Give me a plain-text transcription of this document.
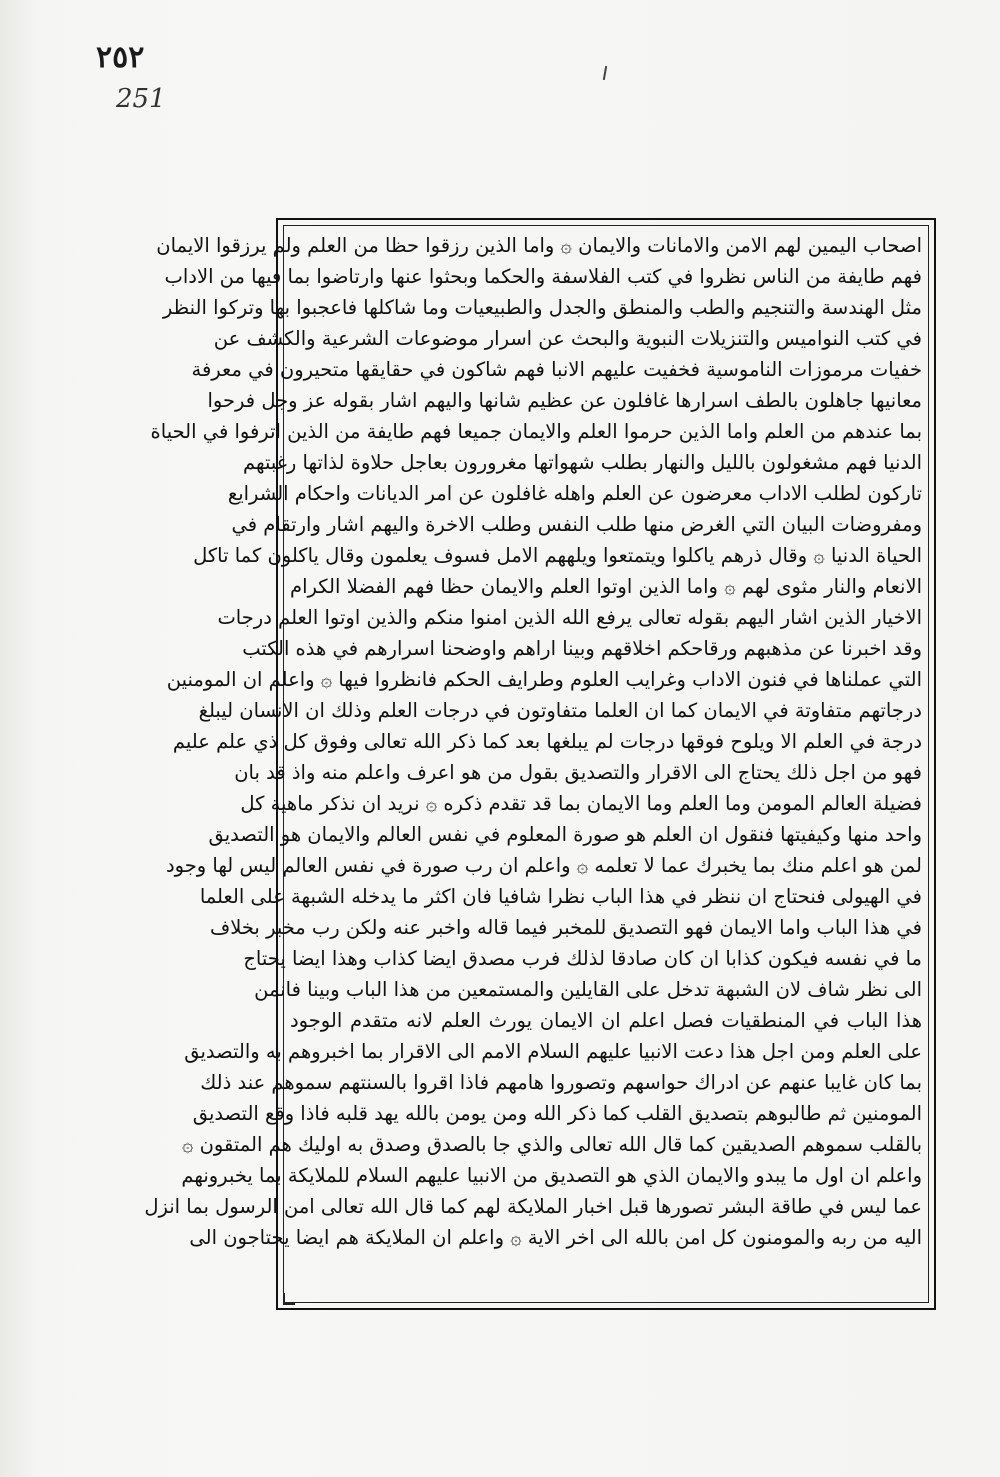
٢٥٢
251
اصحاب اليمين لهم الامن والامانات والايمان ۞ واما الذين رزقوا حظا من العلم ولم يرزقوا الايمان
فهم طايفة من الناس نظروا في كتب الفلاسفة والحكما وبحثوا عنها وارتاضوا بما فيها من الاداب
مثل الهندسة والتنجيم والطب والمنطق والجدل والطبيعيات وما شاكلها فاعجبوا بها وتركوا النظر
في كتب النواميس والتنزيلات النبوية والبحث عن اسرار موضوعات الشرعية والكشف عن
خفيات مرموزات الناموسية فخفيت عليهم الانبا فهم شاكون في حقايقها متحيرون في معرفة
معانيها جاهلون بالطف اسرارها غافلون عن عظيم شانها واليهم اشار بقوله عز وجل فرحوا
بما عندهم من العلم واما الذين حرموا العلم والايمان جميعا فهم طايفة من الذين اترفوا في الحياة
الدنيا فهم مشغولون بالليل والنهار بطلب شهواتها مغرورون بعاجل حلاوة لذاتها رغبتهم
تاركون لطلب الاداب معرضون عن العلم واهله غافلون عن امر الديانات واحكام الشرايع
ومفروضات البيان التي الغرض منها طلب النفس وطلب الاخرة واليهم اشار وارتقام في
الحياة الدنيا ۞ وقال ذرهم ياكلوا ويتمتعوا ويلههم الامل فسوف يعلمون وقال ياكلون كما تاكل
الانعام والنار مثوى لهم ۞ واما الذين اوتوا العلم والايمان حظا فهم الفضلا الكرام
الاخيار الذين اشار اليهم بقوله تعالى يرفع الله الذين امنوا منكم والذين اوتوا العلم درجات
وقد اخبرنا عن مذهبهم ورقاحكم اخلاقهم وبينا اراهم واوضحنا اسرارهم في هذه الكتب
التي عملناها في فنون الاداب وغرايب العلوم وطرايف الحكم فانظروا فيها ۞ واعلم ان المومنين
درجاتهم متفاوتة في الايمان كما ان العلما متفاوتون في درجات العلم وذلك ان الانسان ليبلغ
درجة في العلم الا ويلوح فوقها درجات لم يبلغها بعد كما ذكر الله تعالى وفوق كل ذي علم عليم
فهو من اجل ذلك يحتاج الى الاقرار والتصديق بقول من هو اعرف واعلم منه واذ قد بان
فضيلة العالم المومن وما العلم وما الايمان بما قد تقدم ذكره ۞ نريد ان نذكر ماهية كل
واحد منها وكيفيتها فنقول ان العلم هو صورة المعلوم في نفس العالم والايمان هو التصديق
لمن هو اعلم منك بما يخبرك عما لا تعلمه ۞ واعلم ان رب صورة في نفس العالم ليس لها وجود
في الهيولى فنحتاج ان ننظر في هذا الباب نظرا شافيا فان اكثر ما يدخله الشبهة على العلما
في هذا الباب واما الايمان فهو التصديق للمخبر فيما قاله واخبر عنه ولكن رب مخبر بخلاف
ما في نفسه فيكون كذابا ان كان صادقا لذلك فرب مصدق ايضا كذاب وهذا ايضا يحتاج
الى نظر شاف لان الشبهة تدخل على القايلين والمستمعين من هذا الباب وبينا فانمن
هذا الباب في المنطقيات فصل اعلم ان الايمان يورث العلم لانه متقدم الوجود
على العلم ومن اجل هذا دعت الانبيا عليهم السلام الامم الى الاقرار بما اخبروهم به والتصديق
بما كان غايبا عنهم عن ادراك حواسهم وتصوروا هامهم فاذا اقروا بالسنتهم سموهم عند ذلك
المومنين ثم طالبوهم بتصديق القلب كما ذكر الله ومن يومن بالله يهد قلبه فاذا وقع التصديق
بالقلب سموهم الصديقين كما قال الله تعالى والذي جا بالصدق وصدق به اوليك هم المتقون ۞
واعلم ان اول ما يبدو والايمان الذي هو التصديق من الانبيا عليهم السلام للملايكة بما يخبرونهم
عما ليس في طاقة البشر تصورها قبل اخبار الملايكة لهم كما قال الله تعالى امن الرسول بما انزل
اليه من ربه والمومنون كل امن بالله الى اخر الاية ۞ واعلم ان الملايكة هم ايضا يحتاجون الى
